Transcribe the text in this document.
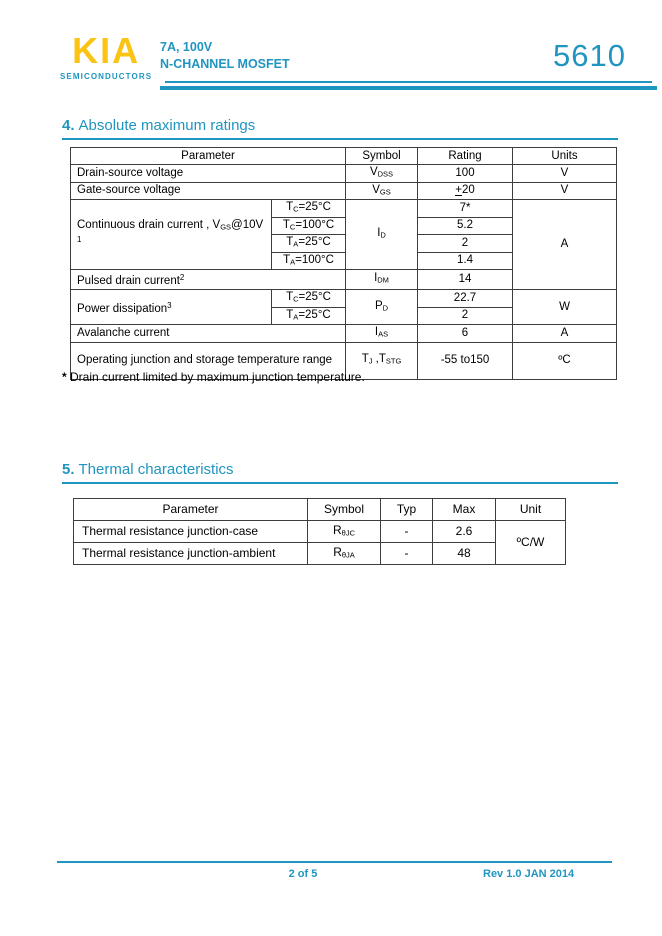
KIA
SEMICONDUCTORS
7A, 100V
N-CHANNEL MOSFET	5610
4. Absolute maximum ratings
Parameter		Symbol	Rating	Units
Drain-source voltage		VDSS	100	V
Gate-source voltage		VGS	+20	V
Continuous drain current , VGS@10V $^1$	TC=25°C	ID	7*	A
	TC=100°C		5.2	
	TA=25°C		2	
	TA=100°C		1.4	
Pulsed drain current$^2$		IDM	14	
Power dissipation$^3$	TC=25°C	PD	22.7	W
	TA=25°C		2	
Avalanche current		IAS	6	A
Operating junction and storage temperature range		TJ ,TSTG	-55 to150	ºC
* Drain current limited by maximum junction temperature.
5. Thermal characteristics
Parameter	Symbol	Typ	Max	Unit
Thermal resistance junction-case	RθJC	-	2.6	ºC/W
Thermal resistance junction-ambient	RθJA	-	48	
2 of 5	Rev 1.0 JAN 2014
